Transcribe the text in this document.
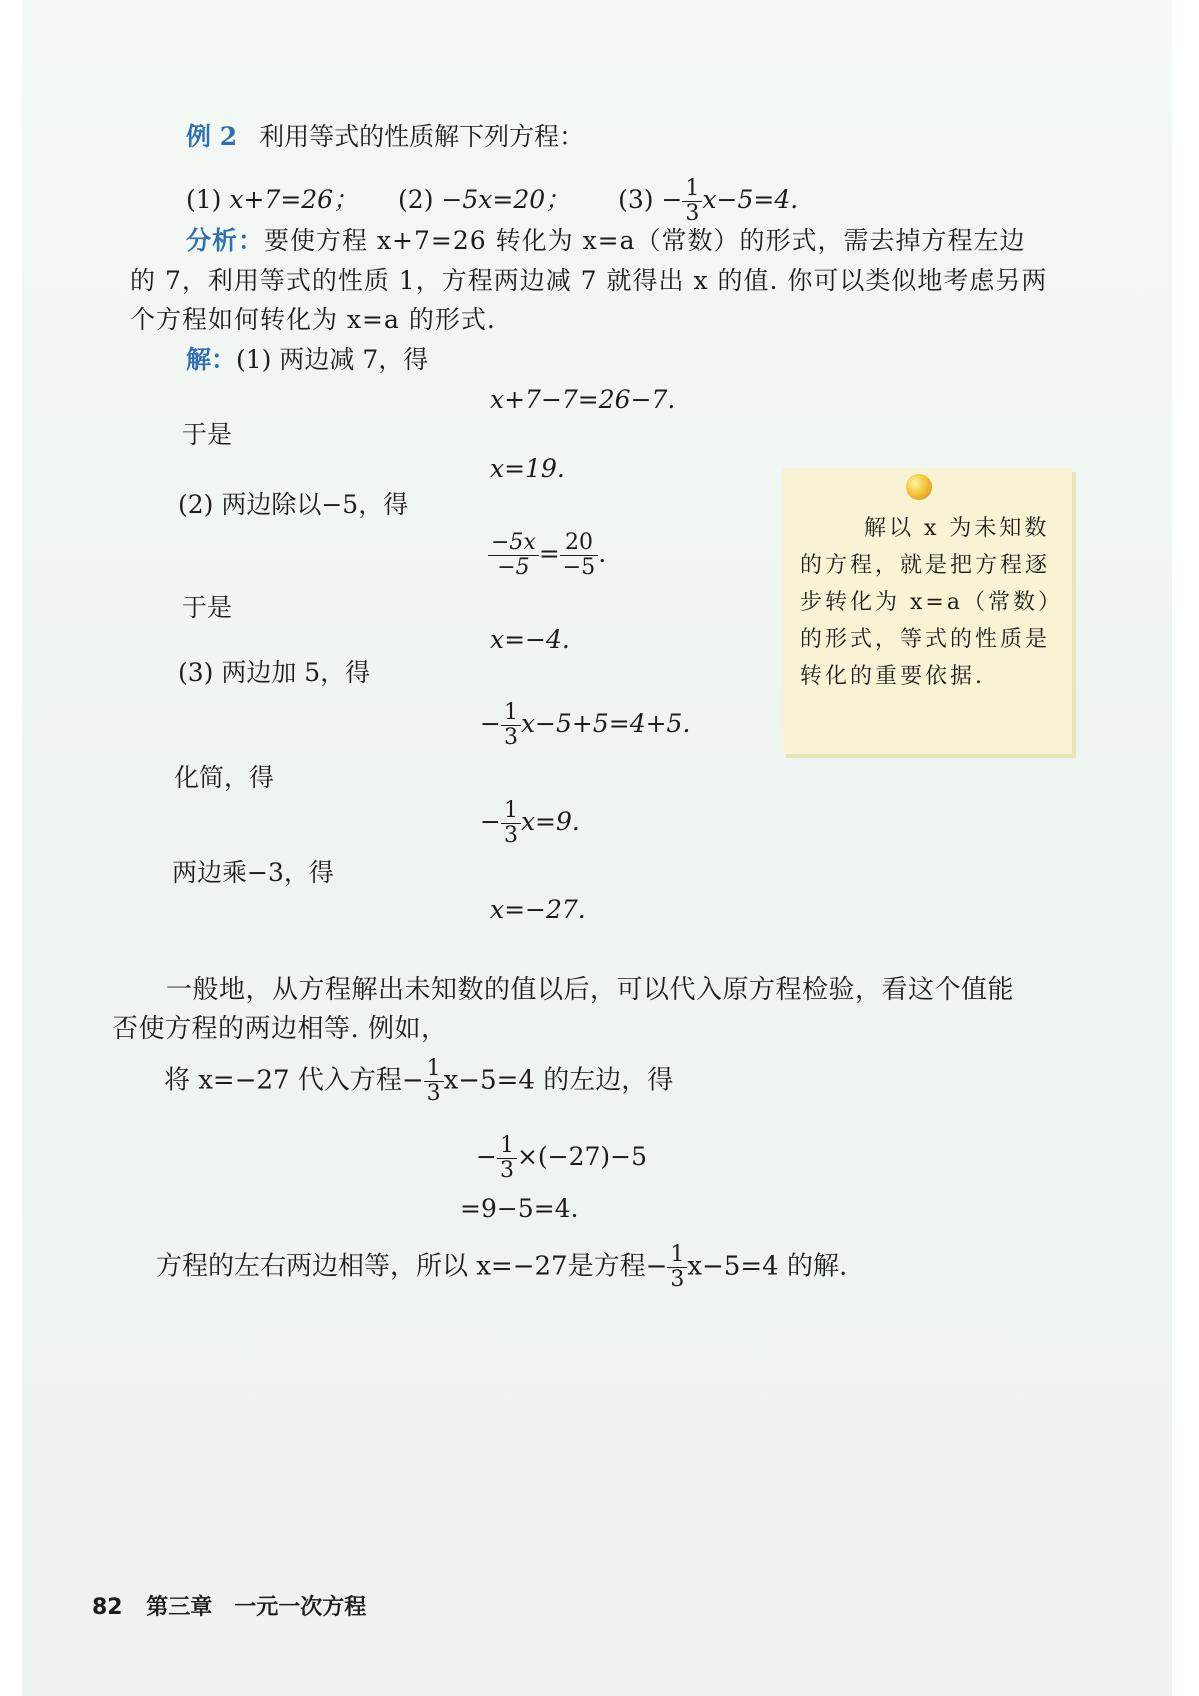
例 2 利用等式的性质解下列方程：
(1) x+7=26； (2) −5x=20； $(3) - \frac{1}{3} x-5=4$.
分析：要使方程 x+7=26 转化为 x=a（常数）的形式，需去掉方程左边
的 7，利用等式的性质 1，方程两边减 7 就得出 x 的值. 你可以类似地考虑另两
个方程如何转化为 x=a 的形式.
解：(1) 两边减 7，得
x+7−7=26−7.
于是
x=19.
(2) 两边除以−5，得
$\frac{-5x}{-5} = \frac{20}{-5}$ .
于是
x=−4.
(3) 两边加 5，得
− $\frac{1}{3} x-5+5=4+5$.
化简，得
− $\frac{1}{3} x=9$.
两边乘−3，得
x=−27.

解以 x 为未知数的方程，就是把方程逐步转化为 x=a（常数）的形式，等式的性质是转化的重要依据.

一般地，从方程解出未知数的值以后，可以代入原方程检验，看这个值能
否使方程的两边相等. 例如，
将 x=−27 代入方程− $\frac{1}{3} x-5=4$ 的左边，得
− $\frac{1}{3} \times(-27)-5$
=9−5=4.
方程的左右两边相等，所以 x=−27是方程− $\frac{1}{3} x-5=4$ 的解.
82 第三章　一元一次方程
